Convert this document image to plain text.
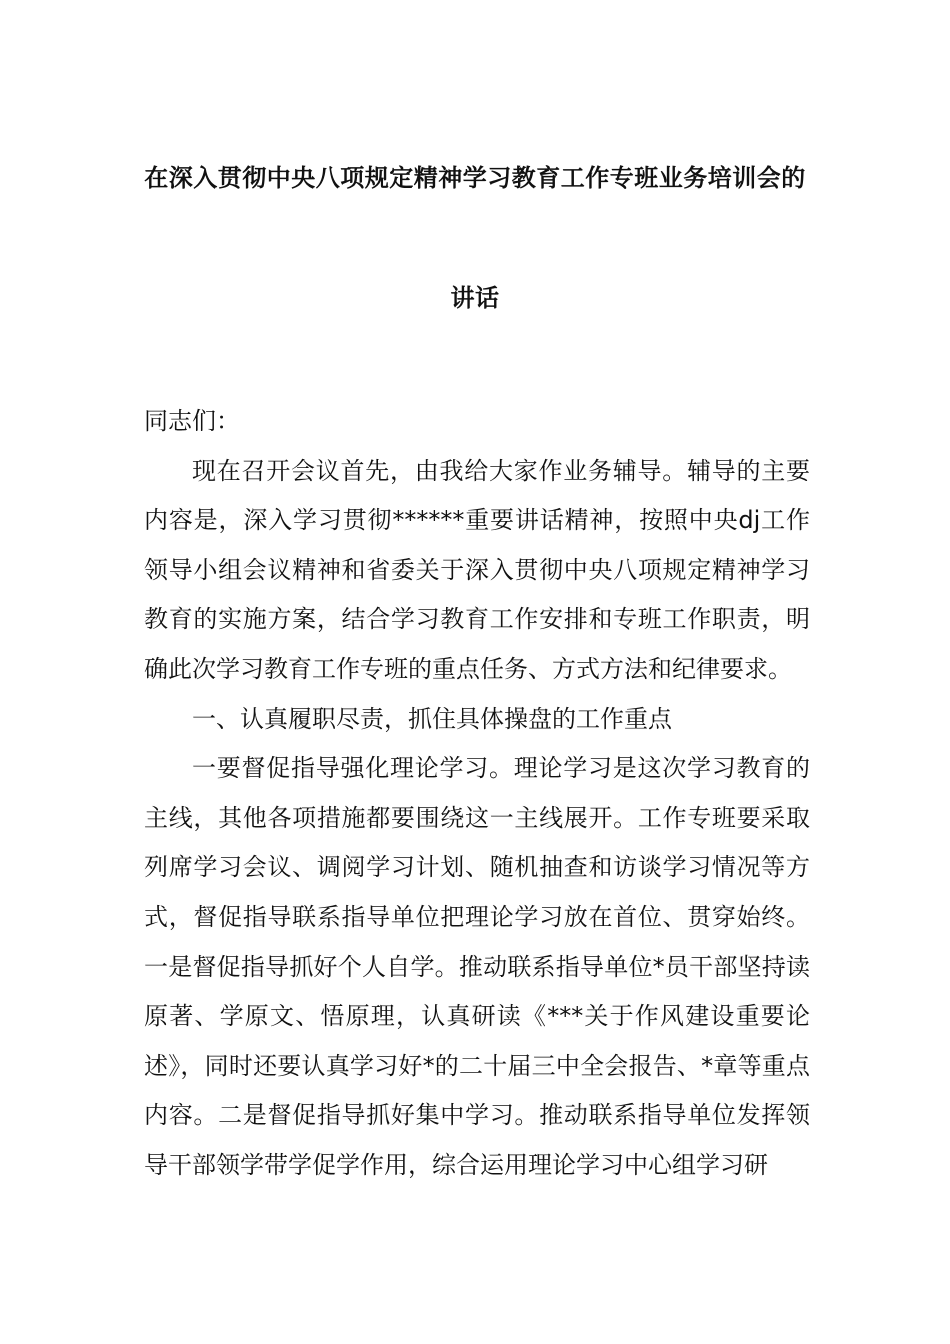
在深入贯彻中央八项规定精神学习教育工作专班业务培训会的
讲话

同志们：

现在召开会议首先，由我给大家作业务辅导。辅导的主要内容是，深入学习贯彻******重要讲话精神，按照中央dj工作领导小组会议精神和省委关于深入贯彻中央八项规定精神学习教育的实施方案，结合学习教育工作安排和专班工作职责，明确此次学习教育工作专班的重点任务、方式方法和纪律要求。

一、认真履职尽责，抓住具体操盘的工作重点

一要督促指导强化理论学习。理论学习是这次学习教育的主线，其他各项措施都要围绕这一主线展开。工作专班要采取列席学习会议、调阅学习计划、随机抽查和访谈学习情况等方式，督促指导联系指导单位把理论学习放在首位、贯穿始终。一是督促指导抓好个人自学。推动联系指导单位*员干部坚持读原著、学原文、悟原理，认真研读《***关于作风建设重要论述》，同时还要认真学习好*的二十届三中全会报告、*章等重点内容。二是督促指导抓好集中学习。推动联系指导单位发挥领导干部领学带学促学作用，综合运用理论学习中心组学习研
